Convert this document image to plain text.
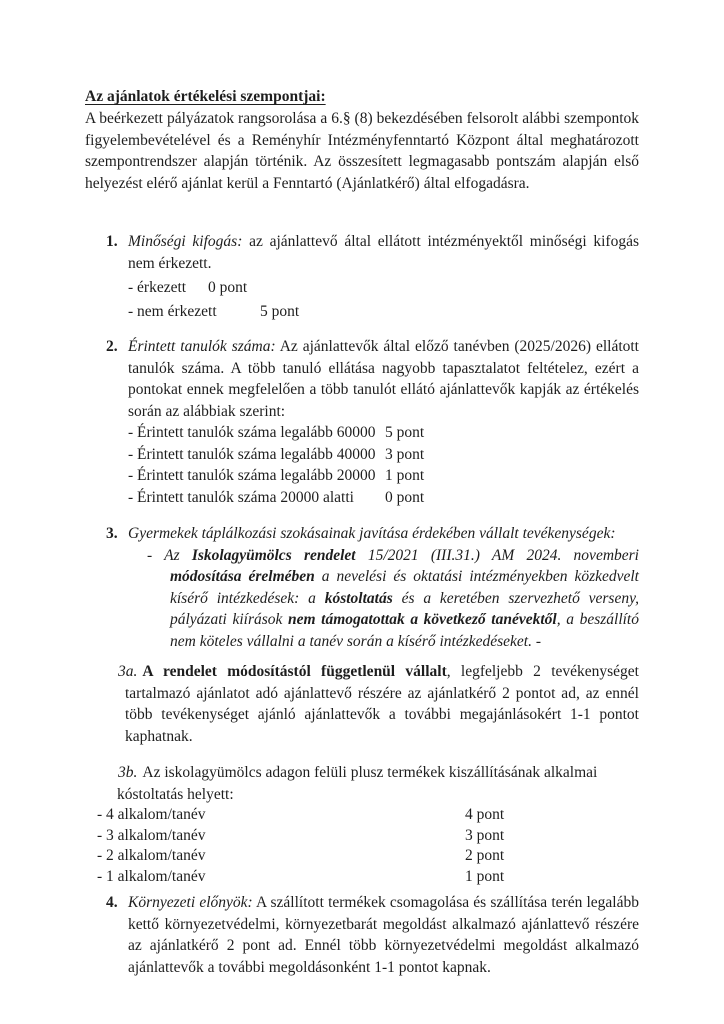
Az ajánlatok értékelési szempontjai:

A beérkezett pályázatok rangsorolása a 6.§ (8) bekezdésében felsorolt alábbi szempontok figyelembevételével és a Reményhír Intézményfenntartó Központ által meghatározott szempontrendszer alapján történik. Az összesített legmagasabb pontszám alapján első helyezést elérő ajánlat kerül a Fenntartó (Ajánlatkérő) által elfogadásra.

1. Minőségi kifogás: az ajánlattevő által ellátott intézményektől minőségi kifogás nem érkezett.
- érkezett 0 pont
- nem érkezett	5 pont
2. Érintett tanulók száma: Az ajánlattevők által előző tanévben (2025/2026) ellátott tanulók száma. A több tanuló ellátása nagyobb tapasztalatot feltételez, ezért a pontokat ennek megfelelően a több tanulót ellátó ajánlattevők kapják az értékelés során az alábbiak szerint:
- Érintett tanulók száma legalább 60000 5 pont
- Érintett tanulók száma legalább 40000 3 pont
- Érintett tanulók száma legalább 20000 1 pont
- Érintett tanulók száma 20000 alatti 0 pont
3. Gyermekek táplálkozási szokásainak javítása érdekében vállalt tevékenységek:
- Az Iskolagyümölcs rendelet 15/2021 (III.31.) AM 2024. novemberi módosítása érelmében a nevelési és oktatási intézményekben közkedvelt kísérő intézkedések: a kóstoltatás és a keretében szervezhető verseny, pályázati kiírások nem támogatottak a következő tanévektől, a beszállító nem köteles vállalni a tanév során a kísérő intézkedéseket. -
3a. A rendelet módosítástól függetlenül vállalt, legfeljebb 2 tevékenységet tartalmazó ajánlatot adó ajánlattevő részére az ajánlatkérő 2 pontot ad, az ennél több tevékenységet ajánló ajánlattevők a további megajánlásokért 1-1 pontot kaphatnak.
3b. Az iskolagyümölcs adagon felüli plusz termékek kiszállításának alkalmai kóstoltatás helyett:
- 4 alkalom/tanév	4 pont
- 3 alkalom/tanév	3 pont
- 2 alkalom/tanév	2 pont
- 1 alkalom/tanév	1 pont
4. Környezeti előnyök: A szállított termékek csomagolása és szállítása terén legalább kettő környezetvédelmi, környezetbarát megoldást alkalmazó ajánlattevő részére az ajánlatkérő 2 pont ad. Ennél több környezetvédelmi megoldást alkalmazó ajánlattevők a további megoldásonként 1-1 pontot kapnak.
